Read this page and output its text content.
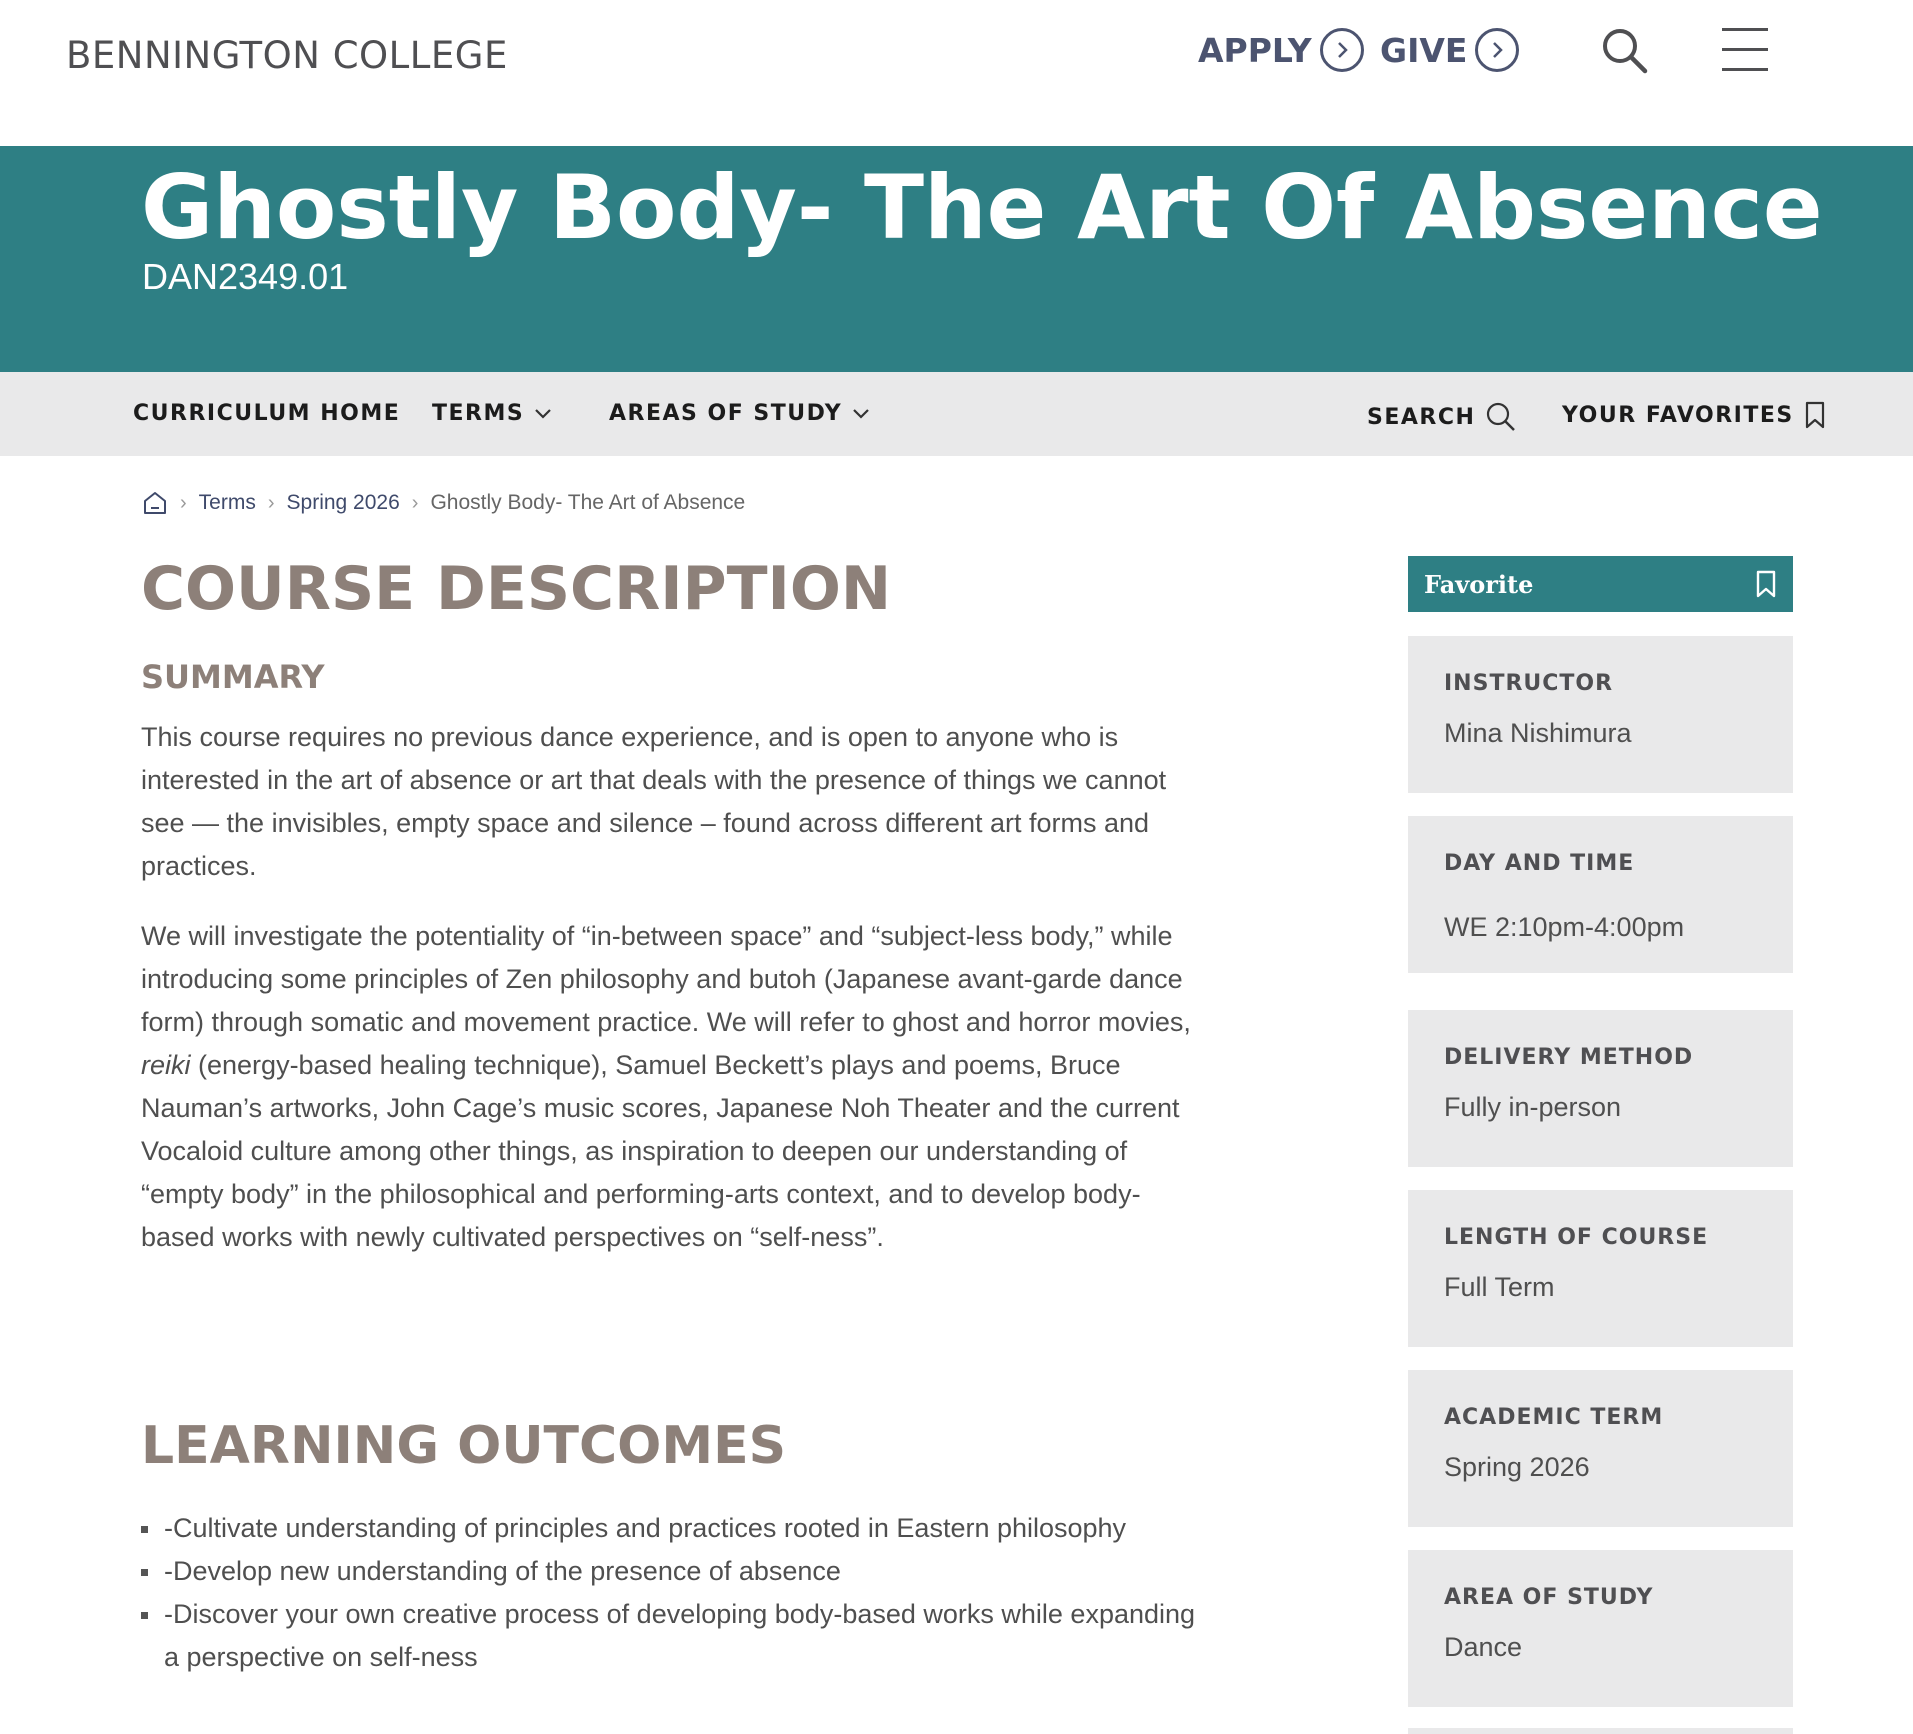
BENNINGTON COLLEGE	APPLY GIVE
Ghostly Body- The Art Of Absence
DAN2349.01
CURRICULUM HOME TERMS	AREAS OF STUDY	SEARCH	YOUR FAVORITES
› Terms › Spring 2026 › Ghostly Body- The Art of Absence
COURSE DESCRIPTION
SUMMARY

This course requires no previous dance experience, and is open to anyone who is interested in the art of absence or art that deals with the presence of things we cannot see — the invisibles, empty space and silence – found across different art forms and practices.

We will investigate the potentiality of “in-between space” and “subject-less body,” while introducing some principles of Zen philosophy and butoh (Japanese avant-garde dance form) through somatic and movement practice. We will refer to ghost and horror movies, reiki (energy-based healing technique), Samuel Beckett’s plays and poems, Bruce Nauman’s artworks, John Cage’s music scores, Japanese Noh Theater and the current Vocaloid culture among other things, as inspiration to deepen our understanding of “empty body” in the philosophical and performing-arts context, and to develop body-based works with newly cultivated perspectives on “self-ness”.

LEARNING OUTCOMES
-Cultivate understanding of principles and practices rooted in Eastern philosophy
-Develop new understanding of the presence of absence
-Discover your own creative process of developing body-based works while expanding a perspective on self-ness
Favorite
INSTRUCTOR
Mina Nishimura
DAY AND TIME
WE 2:10pm-4:00pm
DELIVERY METHOD
Fully in-person
LENGTH OF COURSE
Full Term
ACADEMIC TERM
Spring 2026
AREA OF STUDY
Dance
